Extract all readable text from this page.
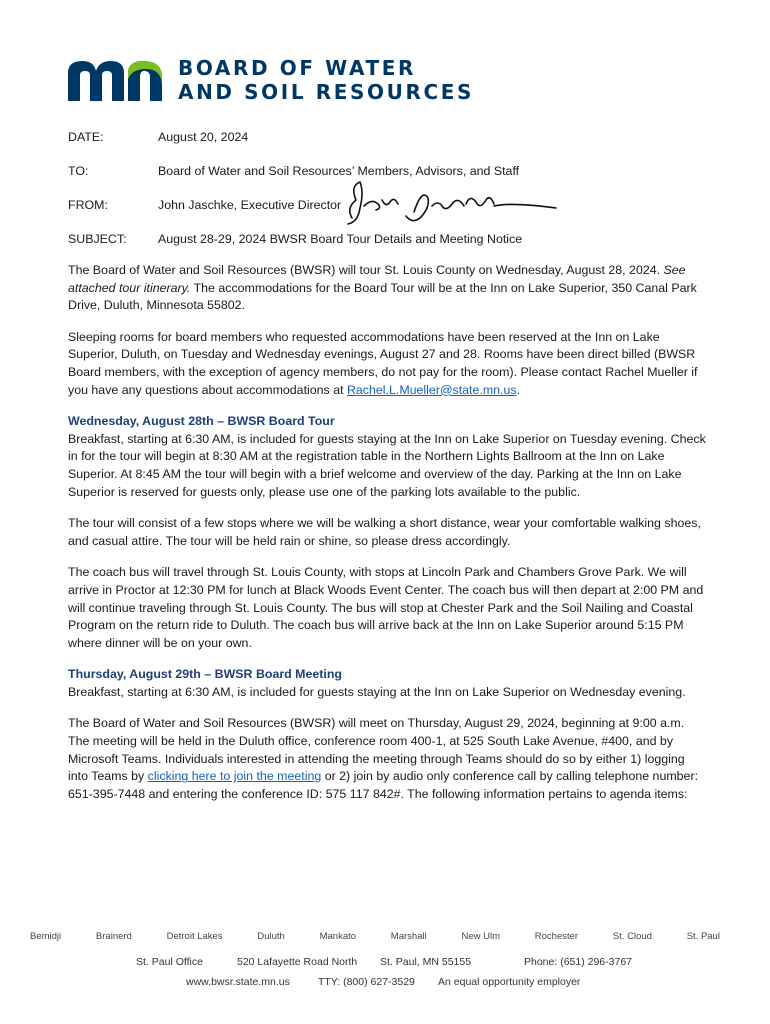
BOARD OF WATER
AND SOIL RESOURCES
DATE:	August 20, 2024
TO:	Board of Water and Soil Resources’ Members, Advisors, and Staff
FROM:	John Jaschke, Executive Director
SUBJECT:	August 28-29, 2024 BWSR Board Tour Details and Meeting Notice

The Board of Water and Soil Resources (BWSR) will tour St. Louis County on Wednesday, August 28, 2024. See attached tour itinerary. The accommodations for the Board Tour will be at the Inn on Lake Superior, 350 Canal Park Drive, Duluth, Minnesota 55802.

Sleeping rooms for board members who requested accommodations have been reserved at the Inn on Lake Superior, Duluth, on Tuesday and Wednesday evenings, August 27 and 28. Rooms have been direct billed (BWSR Board members, with the exception of agency members, do not pay for the room). Please contact Rachel Mueller if you have any questions about accommodations at Rachel.L.Mueller@state.mn.us.

Wednesday, August 28th – BWSR Board Tour

Breakfast, starting at 6:30 AM, is included for guests staying at the Inn on Lake Superior on Tuesday evening. Check in for the tour will begin at 8:30 AM at the registration table in the Northern Lights Ballroom at the Inn on Lake Superior. At 8:45 AM the tour will begin with a brief welcome and overview of the day. Parking at the Inn on Lake Superior is reserved for guests only, please use one of the parking lots available to the public.

The tour will consist of a few stops where we will be walking a short distance, wear your comfortable walking shoes, and casual attire. The tour will be held rain or shine, so please dress accordingly.

The coach bus will travel through St. Louis County, with stops at Lincoln Park and Chambers Grove Park. We will arrive in Proctor at 12:30 PM for lunch at Black Woods Event Center. The coach bus will then depart at 2:00 PM and will continue traveling through St. Louis County. The bus will stop at Chester Park and the Soil Nailing and Coastal Program on the return ride to Duluth. The coach bus will arrive back at the Inn on Lake Superior around 5:15 PM where dinner will be on your own.

Thursday, August 29th – BWSR Board Meeting

Breakfast, starting at 6:30 AM, is included for guests staying at the Inn on Lake Superior on Wednesday evening.

The Board of Water and Soil Resources (BWSR) will meet on Thursday, August 29, 2024, beginning at 9:00 a.m. The meeting will be held in the Duluth office, conference room 400-1, at 525 South Lake Avenue, #400, and by Microsoft Teams. Individuals interested in attending the meeting through Teams should do so by either 1) logging into Teams by clicking here to join the meeting or 2) join by audio only conference call by calling telephone number: 651-395-7448 and entering the conference ID: 575 117 842#. The following information pertains to agenda items:

Bemidji	Brainerd	Detroit Lakes	Duluth	Mankato	Marshall	New Ulm	Rochester	St. Cloud	St. Paul
St. Paul Office	520 Lafayette Road North St. Paul, MN 55155	Phone: (651) 296-3767
www.bwsr.state.mn.us	TTY: (800) 627-3529 An equal opportunity employer
